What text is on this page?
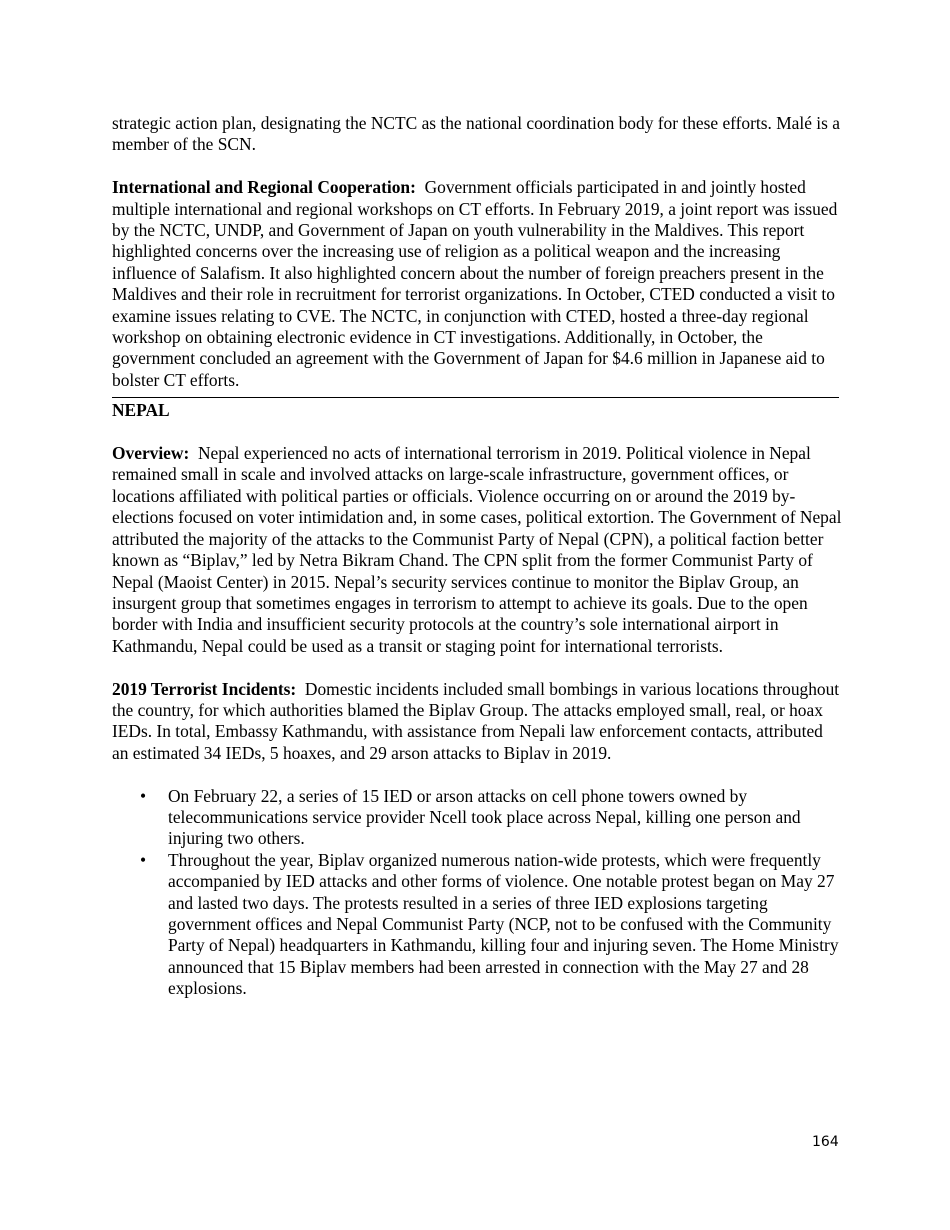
strategic action plan, designating the NCTC as the national coordination body for these efforts. Malé is a member of the SCN.

International and Regional Cooperation: Government officials participated in and jointly hosted multiple international and regional workshops on CT efforts. In February 2019, a joint report was issued by the NCTC, UNDP, and Government of Japan on youth vulnerability in the Maldives. This report highlighted concerns over the increasing use of religion as a political weapon and the increasing influence of Salafism. It also highlighted concern about the number of foreign preachers present in the Maldives and their role in recruitment for terrorist organizations. In October, CTED conducted a visit to examine issues relating to CVE. The NCTC, in conjunction with CTED, hosted a three-day regional workshop on obtaining electronic evidence in CT investigations. Additionally, in October, the government concluded an agreement with the Government of Japan for $4.6 million in Japanese aid to bolster CT efforts.

NEPAL

Overview: Nepal experienced no acts of international terrorism in 2019. Political violence in Nepal remained small in scale and involved attacks on large-scale infrastructure, government offices, or locations affiliated with political parties or officials. Violence occurring on or around the 2019 by-elections focused on voter intimidation and, in some cases, political extortion. The Government of Nepal attributed the majority of the attacks to the Communist Party of Nepal (CPN), a political faction better known as “Biplav,” led by Netra Bikram Chand. The CPN split from the former Communist Party of Nepal (Maoist Center) in 2015. Nepal’s security services continue to monitor the Biplav Group, an insurgent group that sometimes engages in terrorism to attempt to achieve its goals. Due to the open border with India and insufficient security protocols at the country’s sole international airport in Kathmandu, Nepal could be used as a transit or staging point for international terrorists.

2019 Terrorist Incidents: Domestic incidents included small bombings in various locations throughout the country, for which authorities blamed the Biplav Group. The attacks employed small, real, or hoax IEDs. In total, Embassy Kathmandu, with assistance from Nepali law enforcement contacts, attributed an estimated 34 IEDs, 5 hoaxes, and 29 arson attacks to Biplav in 2019.

• On February 22, a series of 15 IED or arson attacks on cell phone towers owned by telecommunications service provider Ncell took place across Nepal, killing one person and injuring two others.
• Throughout the year, Biplav organized numerous nation-wide protests, which were frequently accompanied by IED attacks and other forms of violence. One notable protest began on May 27 and lasted two days. The protests resulted in a series of three IED explosions targeting government offices and Nepal Communist Party (NCP, not to be confused with the Community Party of Nepal) headquarters in Kathmandu, killing four and injuring seven. The Home Ministry announced that 15 Biplav members had been arrested in connection with the May 27 and 28 explosions.
164
